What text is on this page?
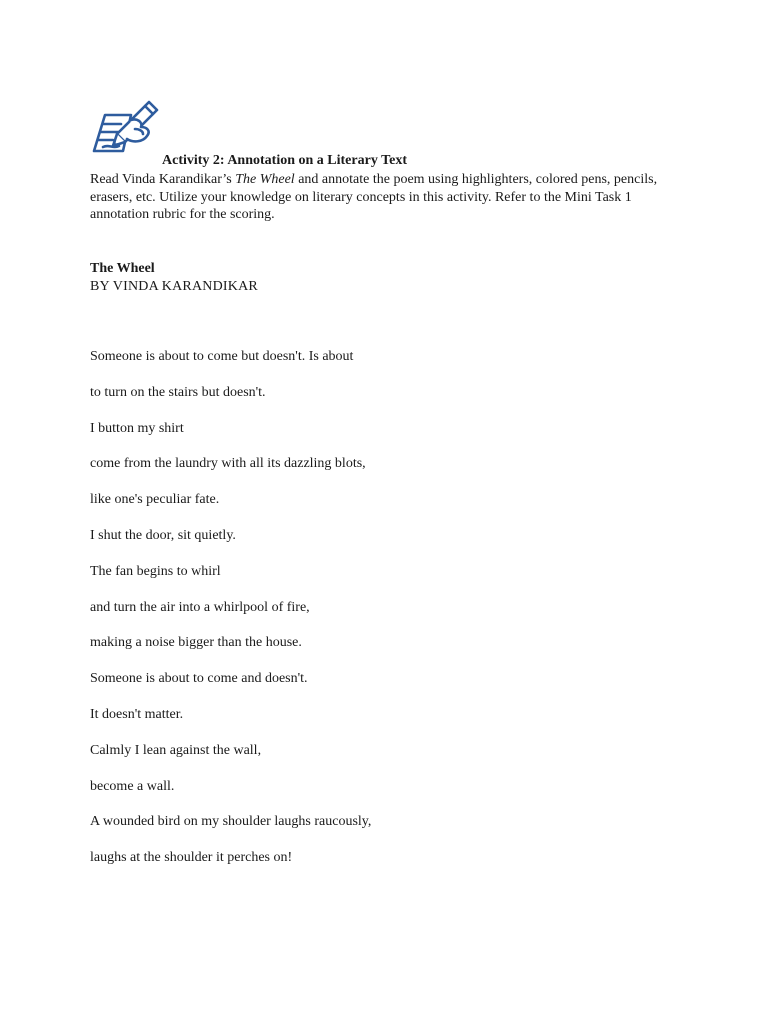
Activity 2: Annotation on a Literary Text
Read Vinda Karandikar’s The Wheel and annotate the poem using highlighters, colored pens, pencils, erasers, etc. Utilize your knowledge on literary concepts in this activity. Refer to the Mini Task 1 annotation rubric for the scoring.
The Wheel
BY VINDA KARANDIKAR
Someone is about to come but doesn't. Is about
to turn on the stairs but doesn't.
I button my shirt
come from the laundry with all its dazzling blots,
like one's peculiar fate.
I shut the door, sit quietly.
The fan begins to whirl
and turn the air into a whirlpool of fire,
making a noise bigger than the house.
Someone is about to come and doesn't.
It doesn't matter.
Calmly I lean against the wall,
become a wall.
A wounded bird on my shoulder laughs raucously,
laughs at the shoulder it perches on!
